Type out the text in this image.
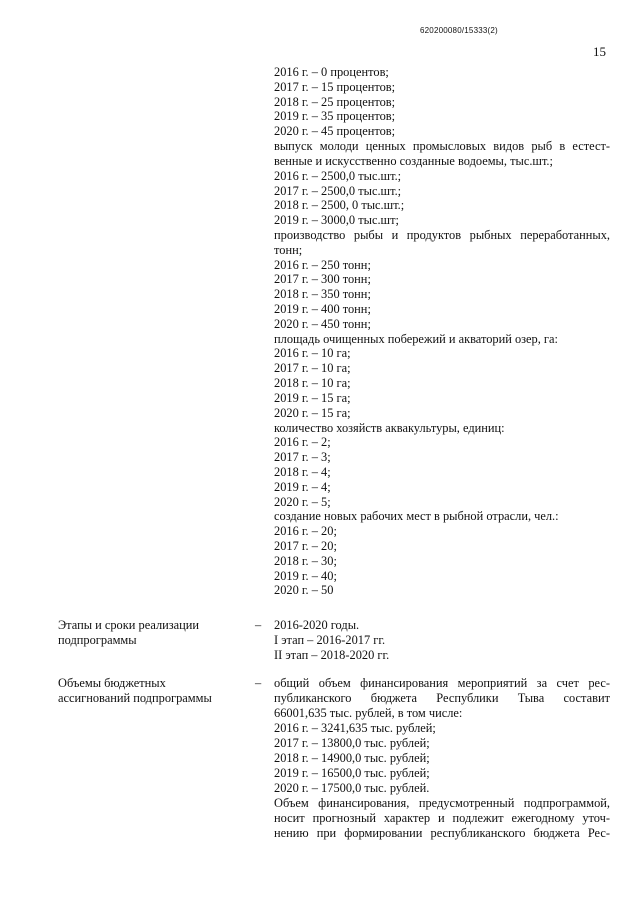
620200080/15333(2)
15
2016 г. – 0 процентов;
2017 г. – 15 процентов;
2018 г. – 25 процентов;
2019 г. – 35 процентов;
2020 г. – 45 процентов;
выпуск молоди ценных промысловых видов рыб в естест-
венные и искусственно созданные водоемы, тыс.шт.;
2016 г. – 2500,0 тыс.шт.;
2017 г. – 2500,0 тыс.шт.;
2018 г. – 2500, 0 тыс.шт.;
2019 г. – 3000,0 тыс.шт;
производство рыбы и продуктов рыбных переработанных,
тонн;
2016 г. – 250 тонн;
2017 г. – 300 тонн;
2018 г. – 350 тонн;
2019 г. – 400 тонн;
2020 г. – 450 тонн;
площадь очищенных побережий и акваторий озер, га:
2016 г. – 10 га;
2017 г. – 10 га;
2018 г. – 10 га;
2019 г. – 15 га;
2020 г. – 15 га;
количество хозяйств аквакультуры, единиц:
2016 г. – 2;
2017 г. – 3;
2018 г. – 4;
2019 г. – 4;
2020 г. – 5;
создание новых рабочих мест в рыбной отрасли, чел.:
2016 г. – 20;
2017 г. – 20;
2018 г. – 30;
2019 г. – 40;
2020 г. – 50
Этапы и сроки реализации подпрограммы
– 2016-2020 годы.
I этап – 2016-2017 гг.
II этап – 2018-2020 гг.
Объемы бюджетных ассигнований подпрограммы
– общий объем финансирования мероприятий за счет рес-
публиканского бюджета Республики Тыва составит
66001,635 тыс. рублей, в том числе:
2016 г. – 3241,635 тыс. рублей;
2017 г. – 13800,0 тыс. рублей;
2018 г. – 14900,0 тыс. рублей;
2019 г. – 16500,0 тыс. рублей;
2020 г. – 17500,0 тыс. рублей.
Объем финансирования, предусмотренный подпрограммой,
носит прогнозный характер и подлежит ежегодному уточ-
нению при формировании республиканского бюджета Рес-
